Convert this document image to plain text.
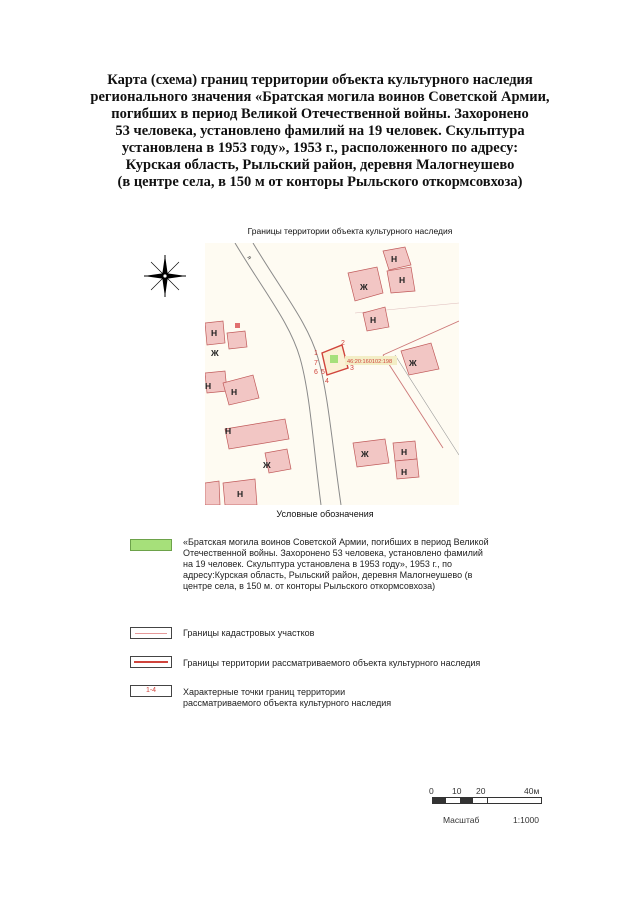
Карта (схема) границ территории объекта культурного наследия
регионального значения «Братская могила воинов Советской Армии,
погибших в период Великой Отечественной войны. Захоронено
53 человека, установлено фамилий на 19 человек. Скульптура
установлена в 1953 году», 1953 г., расположенного по адресу:
Курская область, Рыльский район, деревня Малогнеушево
(в центре села, в 150 м от конторы Рыльского откормсовхоза)
Границы территории объекта культурного наследия
46:20:160102:198
1
2
3
4
5
6
7
Н
Н
Ж
Н
Ж
Н
Ж
Н
Н
Н
Ж
Ж	Н
Н
Н
я
Условные обозначения
«Братская могила воинов Советской Армии, погибших в период Великой
Отечественной войны. Захоронено 53 человека, установлено фамилий
на 19 человек. Скульптура установлена в 1953 году», 1953 г., по
адресу:Курская область, Рыльский район, деревня Малогнеушево (в
центре села, в 150 м. от конторы Рыльского откормсовхоза)
Границы кадастровых участков
Границы территории рассматриваемого объекта культурного наследия
1-4	Характерные точки границ территории
рассматриваемого объекта культурного наследия
0 10 20	40м
Масштаб	1:1000
